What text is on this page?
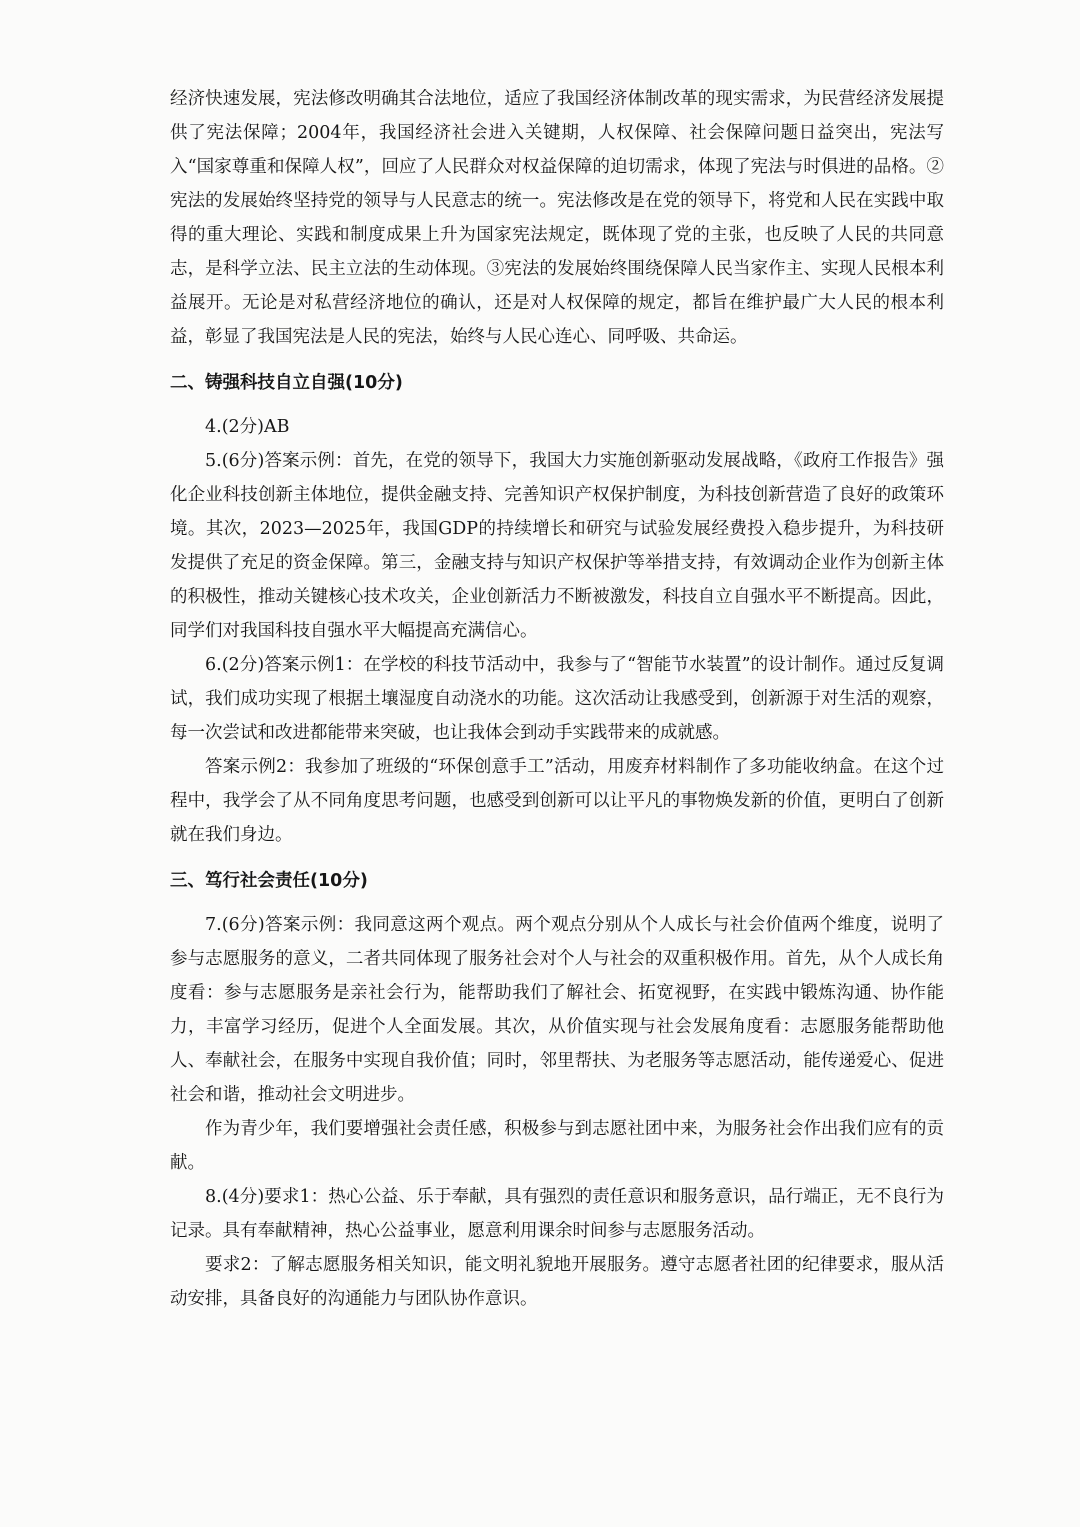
经济快速发展，宪法修改明确其合法地位，适应了我国经济体制改革的现实需求，为民营经济发展提供了宪法保障；2004年，我国经济社会进入关键期，人权保障、社会保障问题日益突出，宪法写入“国家尊重和保障人权”，回应了人民群众对权益保障的迫切需求，体现了宪法与时俱进的品格。②宪法的发展始终坚持党的领导与人民意志的统一。宪法修改是在党的领导下，将党和人民在实践中取得的重大理论、实践和制度成果上升为国家宪法规定，既体现了党的主张，也反映了人民的共同意志，是科学立法、民主立法的生动体现。③宪法的发展始终围绕保障人民当家作主、实现人民根本利益展开。无论是对私营经济地位的确认，还是对人权保障的规定，都旨在维护最广大人民的根本利益，彰显了我国宪法是人民的宪法，始终与人民心连心、同呼吸、共命运。

二、铸强科技自立自强(10分)

4.(2分)AB

5.(6分)答案示例：首先，在党的领导下，我国大力实施创新驱动发展战略，《政府工作报告》强化企业科技创新主体地位，提供金融支持、完善知识产权保护制度，为科技创新营造了良好的政策环境。其次，2023—2025年，我国GDP的持续增长和研究与试验发展经费投入稳步提升，为科技研发提供了充足的资金保障。第三，金融支持与知识产权保护等举措支持，有效调动企业作为创新主体的积极性，推动关键核心技术攻关，企业创新活力不断被激发，科技自立自强水平不断提高。因此，同学们对我国科技自强水平大幅提高充满信心。

6.(2分)答案示例1：在学校的科技节活动中，我参与了“智能节水装置”的设计制作。通过反复调试，我们成功实现了根据土壤湿度自动浇水的功能。这次活动让我感受到，创新源于对生活的观察，每一次尝试和改进都能带来突破，也让我体会到动手实践带来的成就感。

答案示例2：我参加了班级的“环保创意手工”活动，用废弃材料制作了多功能收纳盒。在这个过程中，我学会了从不同角度思考问题，也感受到创新可以让平凡的事物焕发新的价值，更明白了创新就在我们身边。

三、笃行社会责任(10分)

7.(6分)答案示例：我同意这两个观点。两个观点分别从个人成长与社会价值两个维度，说明了参与志愿服务的意义，二者共同体现了服务社会对个人与社会的双重积极作用。首先，从个人成长角度看：参与志愿服务是亲社会行为，能帮助我们了解社会、拓宽视野，在实践中锻炼沟通、协作能力，丰富学习经历，促进个人全面发展。其次，从价值实现与社会发展角度看：志愿服务能帮助他人、奉献社会，在服务中实现自我价值；同时，邻里帮扶、为老服务等志愿活动，能传递爱心、促进社会和谐，推动社会文明进步。

作为青少年，我们要增强社会责任感，积极参与到志愿社团中来，为服务社会作出我们应有的贡献。

8.(4分)要求1：热心公益、乐于奉献，具有强烈的责任意识和服务意识，品行端正，无不良行为记录。具有奉献精神，热心公益事业，愿意利用课余时间参与志愿服务活动。

要求2：了解志愿服务相关知识，能文明礼貌地开展服务。遵守志愿者社团的纪律要求，服从活动安排，具备良好的沟通能力与团队协作意识。
